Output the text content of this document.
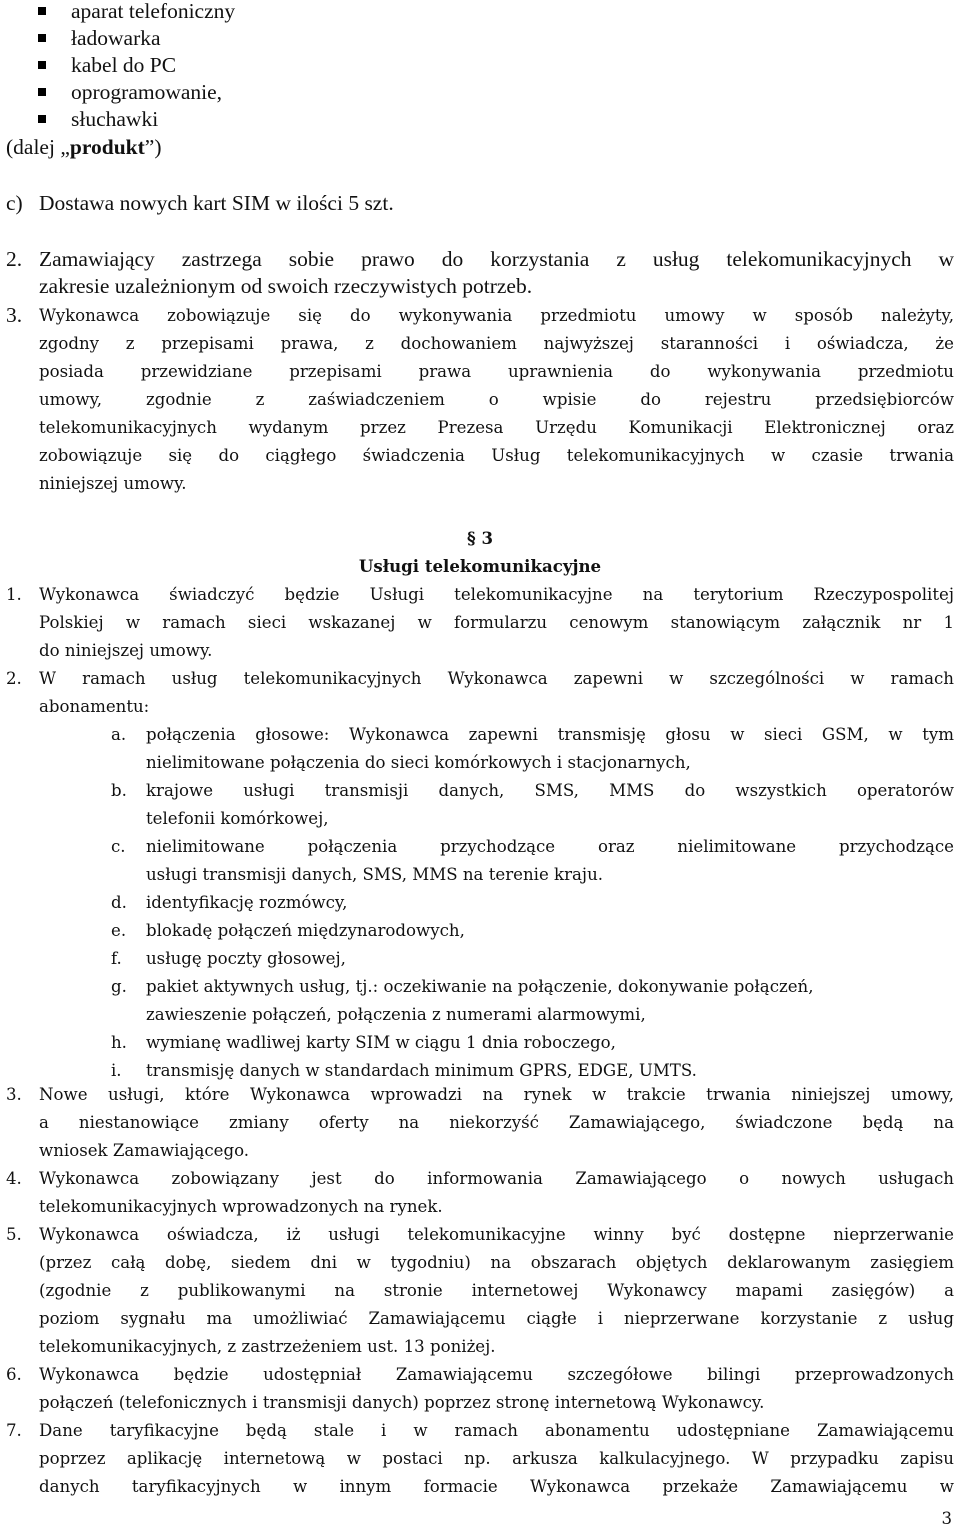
aparat telefoniczny
ładowarka
kabel do PC
oprogramowanie,
słuchawki
(dalej „produkt”)
c) Dostawa nowych kart SIM w ilości 5 szt.
2. Zamawiający zastrzega sobie prawo do korzystania z usług telekomunikacyjnych w
zakresie uzależnionym od swoich rzeczywistych potrzeb.
3.	Wykonawca zobowiązuje się do wykonywania przedmiotu umowy w sposób należyty,
zgodny z przepisami prawa, z dochowaniem najwyższej staranności i oświadcza, że
posiada przewidziane przepisami prawa uprawnienia do wykonywania przedmiotu
umowy, zgodnie z zaświadczeniem o wpisie do rejestru przedsiębiorców
telekomunikacyjnych wydanym przez Prezesa Urzędu Komunikacji Elektronicznej oraz
zobowiązuje się do ciągłego świadczenia Usług telekomunikacyjnych w czasie trwania
niniejszej umowy.
§ 3
Usługi telekomunikacyjne
1.	Wykonawca świadczyć będzie Usługi telekomunikacyjne na terytorium Rzeczypospolitej
Polskiej w ramach sieci wskazanej w formularzu cenowym stanowiącym załącznik nr 1
do niniejszej umowy.
2.	W ramach usług telekomunikacyjnych Wykonawca zapewni w szczególności w ramach
abonamentu:
a.	połączenia głosowe: Wykonawca zapewni transmisję głosu w sieci GSM, w tym
nielimitowane połączenia do sieci komórkowych i stacjonarnych,
b.	krajowe usługi transmisji danych, SMS, MMS do wszystkich operatorów
telefonii komórkowej,
c.	nielimitowane połączenia przychodzące oraz nielimitowane przychodzące
usługi transmisji danych, SMS, MMS na terenie kraju.
d.	identyfikację rozmówcy,
e.	blokadę połączeń międzynarodowych,
f.	usługę poczty głosowej,
g.	pakiet aktywnych usług, tj.: oczekiwanie na połączenie, dokonywanie połączeń,
zawieszenie połączeń, połączenia z numerami alarmowymi,
h.	wymianę wadliwej karty SIM w ciągu 1 dnia roboczego,
i.	transmisję danych w standardach minimum GPRS, EDGE, UMTS.
3.	Nowe usługi, które Wykonawca wprowadzi na rynek w trakcie trwania niniejszej umowy,
a niestanowiące zmiany oferty na niekorzyść Zamawiającego, świadczone będą na
wniosek Zamawiającego.
4.	Wykonawca zobowiązany jest do informowania Zamawiającego o nowych usługach
telekomunikacyjnych wprowadzonych na rynek.
5.	Wykonawca oświadcza, iż usługi telekomunikacyjne winny być dostępne nieprzerwanie
(przez całą dobę, siedem dni w tygodniu) na obszarach objętych deklarowanym zasięgiem
(zgodnie z publikowanymi na stronie internetowej Wykonawcy mapami zasięgów) a
poziom sygnału ma umożliwiać Zamawiającemu ciągłe i nieprzerwane korzystanie z usług
telekomunikacyjnych, z zastrzeżeniem ust. 13 poniżej.
6.	Wykonawca będzie udostępniał Zamawiającemu szczegółowe bilingi przeprowadzonych
połączeń (telefonicznych i transmisji danych) poprzez stronę internetową Wykonawcy.
7.	Dane taryfikacyjne będą stale i w ramach abonamentu udostępniane Zamawiającemu
poprzez aplikację internetową w postaci np. arkusza kalkulacyjnego. W przypadku zapisu
danych taryfikacyjnych w innym formacie Wykonawca przekaże Zamawiającemu w
3
